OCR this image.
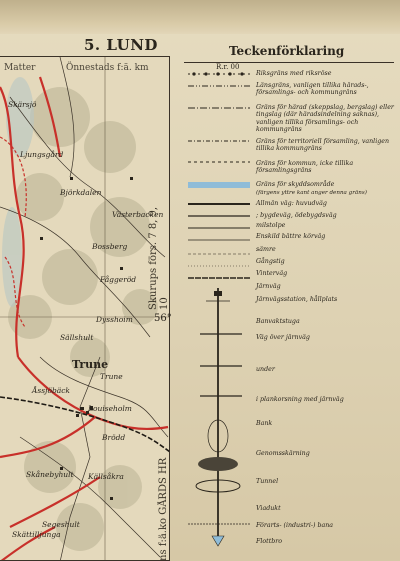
5. LUND
Matter	Önnestads f:ä. km
Skärsjö
Björkdalen
Västerbacken
Bossberg
Ljungsgård
Fåggeröd
Dysshoim
Sällshult
Trune
Trune
Åssjöbäck
Louiseholm
Brödd
Källsåkra
Segeshult
Skättilljunga
Skånebyhult
56°
Skurups förs. 7 8, 9, 10
ns f:ä.ko GÅRDS HR
Teckenförklaring
R.r. 00
Riksgräns med riksrösе
Länsgräns, vanligen tillika härads-, församlings- och kommungräns
Gräns för härad (skeppslag, bergslag) eller tingslag (där häradsindelning saknas), vanligen tillika församlings- och kommungräns
Gräns för territoriell församling, vanligen tillika kommungräns
Gräns för kommun, icke tillika församlingsgräns
Gräns för skyddsområde
(färgens yttre kant anger denna gräns)
Allmän väg: huvudväg
; bygdeväg, ödebygdsväg
milstolpe
Enskild bättre körväg
sämre
Gångstig
Vinterväg
Järnväg
Järnvägsstation, hållplats
Banvaktstuga
Väg över järnväg
under
i plankorsning med järnväg
Bank
Genomsskärning
Tunnel
Viadukt
Förarts- (industri-) bana
Flottbro
